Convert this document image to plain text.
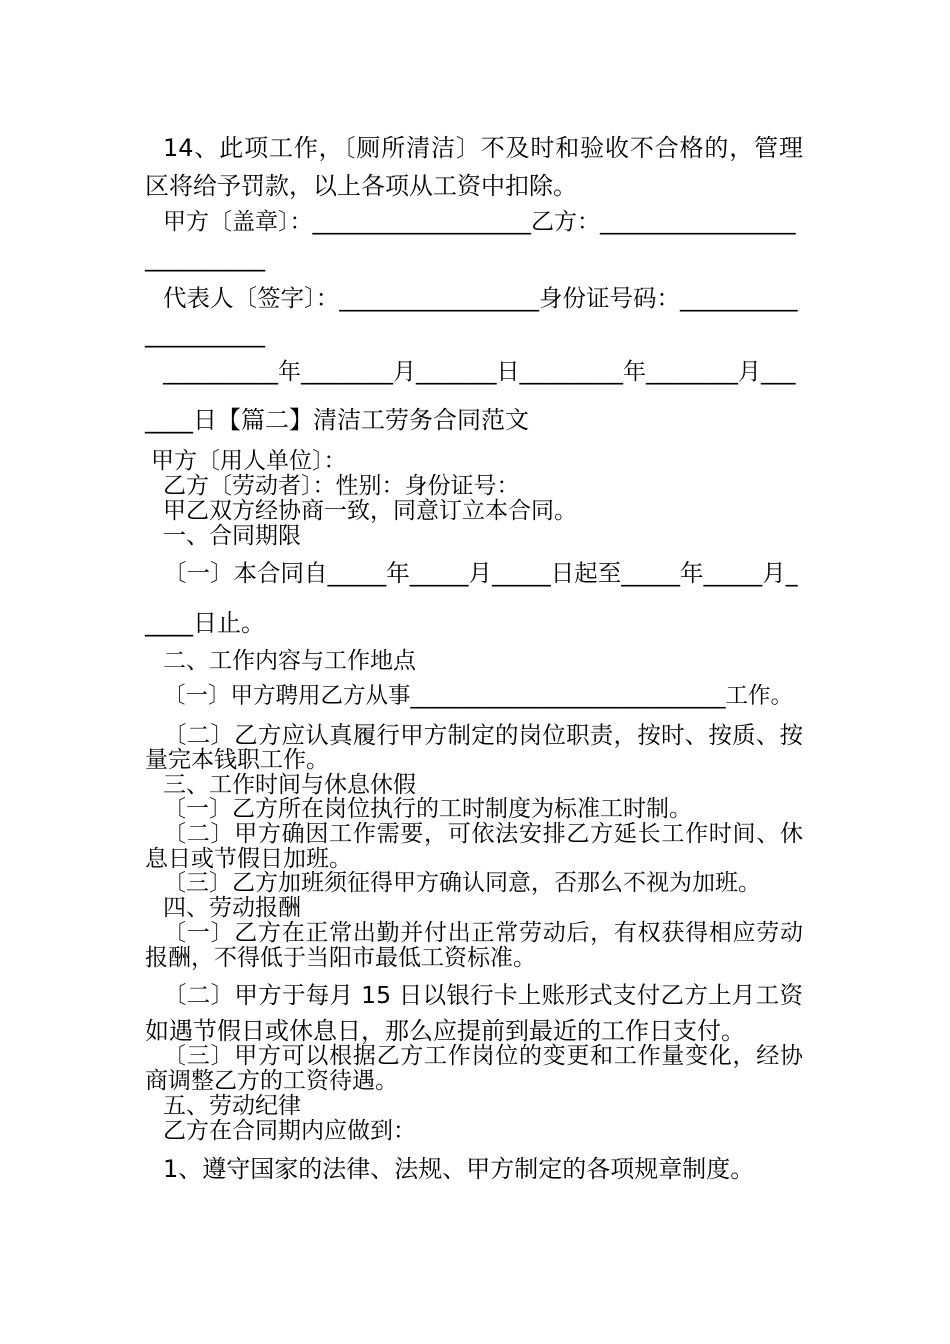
14、此项工作，〔厕所清洁〕不及时和验收不合格的，管理
区将给予罚款，以上各项从工资中扣除。
甲方〔盖章〕：___________________乙方：_________________
__________
代表人〔签字〕：_________________身份证号码：__________
__________
__________年________月_______日_________年________月___
____日【篇二】清洁工劳务合同范文
甲方〔用人单位〕：
乙方〔劳动者〕：性别：身份证号：
甲乙双方经协商一致，同意订立本合同。
一、合同期限
〔一〕本合同自_____年_____月_____日起至_____年_____月_
____日止。
二、工作内容与工作地点
〔一〕甲方聘用乙方从事____________________________工作。
〔二〕乙方应认真履行甲方制定的岗位职责，按时、按质、按
量完本钱职工作。
三、工作时间与休息休假
〔一〕乙方所在岗位执行的工时制度为标准工时制。
〔二〕甲方确因工作需要，可依法安排乙方延长工作时间、休
息日或节假日加班。
〔三〕乙方加班须征得甲方确认同意，否那么不视为加班。
四、劳动报酬
〔一〕乙方在正常出勤并付出正常劳动后，有权获得相应劳动
报酬，不得低于当阳市最低工资标准。
〔二〕甲方于每月 15 日以银行卡上账形式支付乙方上月工资
如遇节假日或休息日，那么应提前到最近的工作日支付。
〔三〕甲方可以根据乙方工作岗位的变更和工作量变化，经协
商调整乙方的工资待遇。
五、劳动纪律
乙方在合同期内应做到：
1、遵守国家的法律、法规、甲方制定的各项规章制度。
